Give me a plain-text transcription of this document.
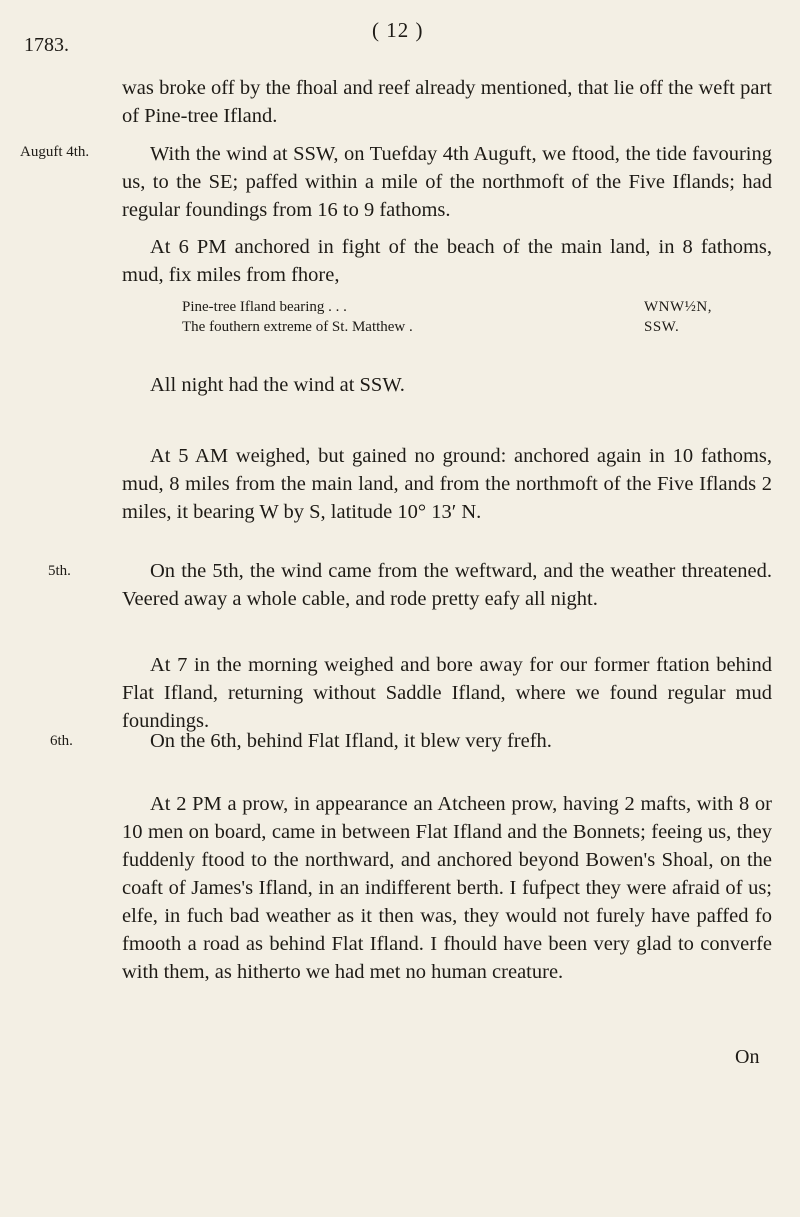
( 12 )
1783.
Auguft 4th.
5th.
6th.

was broke off by the fhoal and reef already mentioned, that lie off the weft part of Pine-tree Ifland.

With the wind at SSW, on Tuefday 4th Auguft, we ftood, the tide favouring us, to the SE; paffed within a mile of the northmoft of the Five Iflands; had regular foundings from 16 to 9 fathoms.

At 6 PM anchored in fight of the beach of the main land, in 8 fathoms, mud, fix miles from fhore,

Pine-tree Ifland bearing . . .	WNW½N,
The fouthern extreme of St. Matthew .	SSW.

All night had the wind at SSW.

At 5 AM weighed, but gained no ground: anchored again in 10 fathoms, mud, 8 miles from the main land, and from the northmoft of the Five Iflands 2 miles, it bearing W by S, latitude 10° 13′ N.

On the 5th, the wind came from the weftward, and the weather threatened. Veered away a whole cable, and rode pretty eafy all night.

At 7 in the morning weighed and bore away for our former ftation behind Flat Ifland, returning without Saddle Ifland, where we found regular mud foundings.

On the 6th, behind Flat Ifland, it blew very frefh.

At 2 PM a prow, in appearance an Atcheen prow, having 2 mafts, with 8 or 10 men on board, came in between Flat Ifland and the Bonnets; feeing us, they fuddenly ftood to the northward, and anchored beyond Bowen's Shoal, on the coaft of James's Ifland, in an indifferent berth. I fufpect they were afraid of us; elfe, in fuch bad weather as it then was, they would not furely have paffed fo fmooth a road as behind Flat Ifland. I fhould have been very glad to converfe with them, as hitherto we had met no human creature.

On
